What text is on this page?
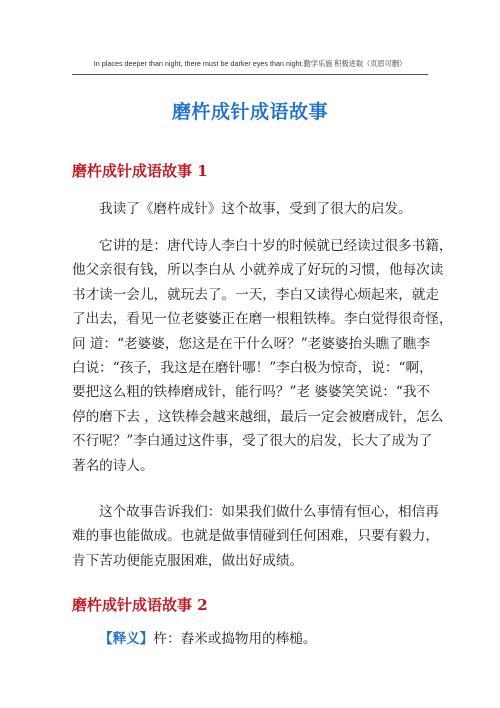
In places deeper than night, there must be darker eyes than night.勤学乐施 积极进取（页眉可删）
磨杵成针成语故事
磨杵成针成语故事 1

我读了《磨杵成针》这个故事，受到了很大的启发。

它讲的是：唐代诗人李白十岁的时候就已经读过很多书籍，
他父亲很有钱，所以李白从 小就养成了好玩的习惯，他每次读
书才读一会儿，就玩去了。一天，李白又读得心烦起来，就走
了出去，看见一位老婆婆正在磨一根粗铁棒。李白觉得很奇怪，
问 道：“老婆婆，您这是在干什么呀？”老婆婆抬头瞧了瞧李
白说：“孩子，我这是在磨针哪！”李白极为惊奇，说：“啊，
要把这么粗的铁棒磨成针，能行吗？”老 婆婆笑笑说：“我不
停的磨下去 ，这铁棒会越来越细，最后一定会被磨成针，怎么
不行呢？”李白通过这件事，受了很大的启发，长大了成为了
著名的诗人。

这个故事告诉我们：如果我们做什么事情有恒心，相信再
难的事也能做成。也就是做事情碰到任何困难，只要有毅力，
肯下苦功便能克服困难，做出好成绩。

磨杵成针成语故事 2

【释义】杵：舂米或捣物用的棒槌。
